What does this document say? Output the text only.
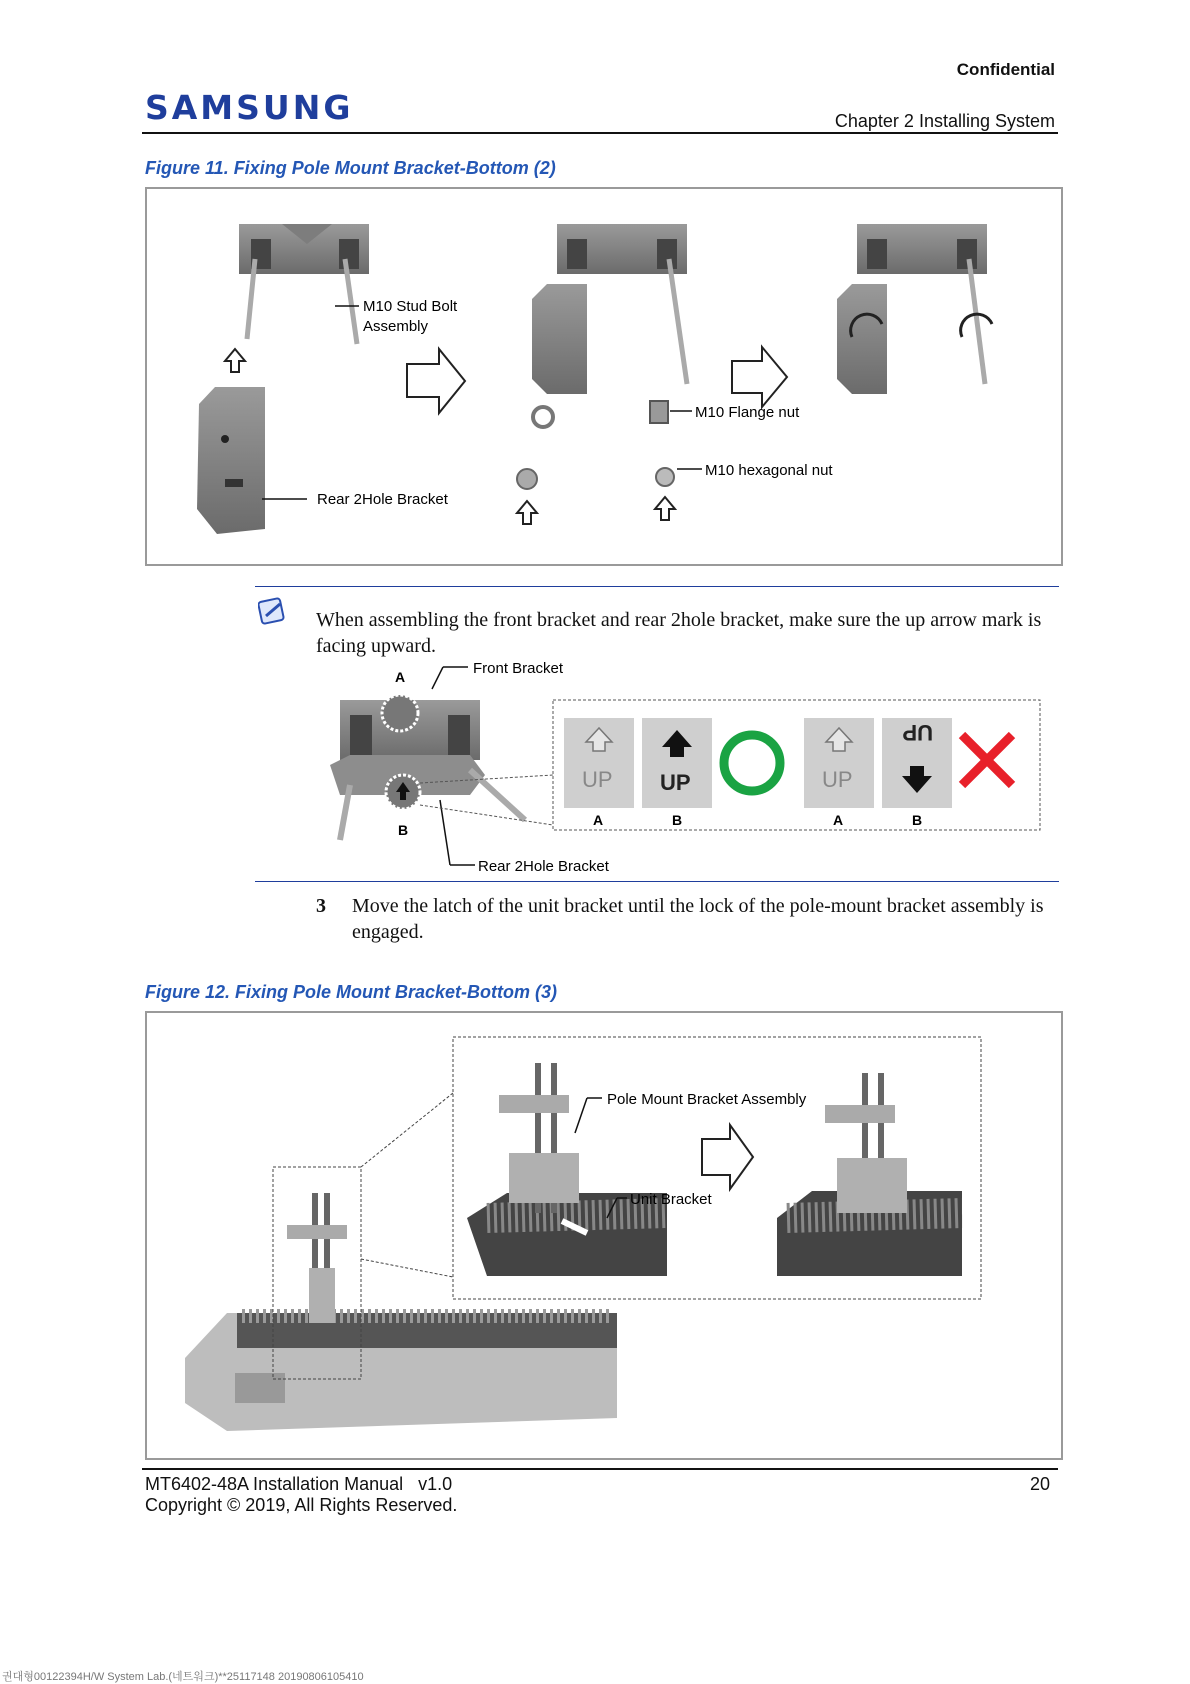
SAMSUNG
Confidential
Chapter 2 Installing System
Figure 11. Fixing Pole Mount Bracket-Bottom (2)
M10 Stud Bolt
Assembly
Rear 2Hole Bracket
M10 Flange nut
M10 hexagonal nut
When assembling the front bracket and rear 2hole bracket, make sure the up arrow mark is facing upward.
A
B
Front Bracket
Rear 2Hole Bracket
UP
A
UP
B
UP
A
UP
B
3 Move the latch of the unit bracket until the lock of the pole-mount bracket assembly is engaged.
Figure 12. Fixing Pole Mount Bracket-Bottom (3)
Pole Mount Bracket Assembly
Unit Bracket
MT6402-48A Installation Manual   v1.0
Copyright © 2019, All Rights Reserved.
20
권대형00122394H/W System Lab.(네트워크)**25117148 20190806105410
